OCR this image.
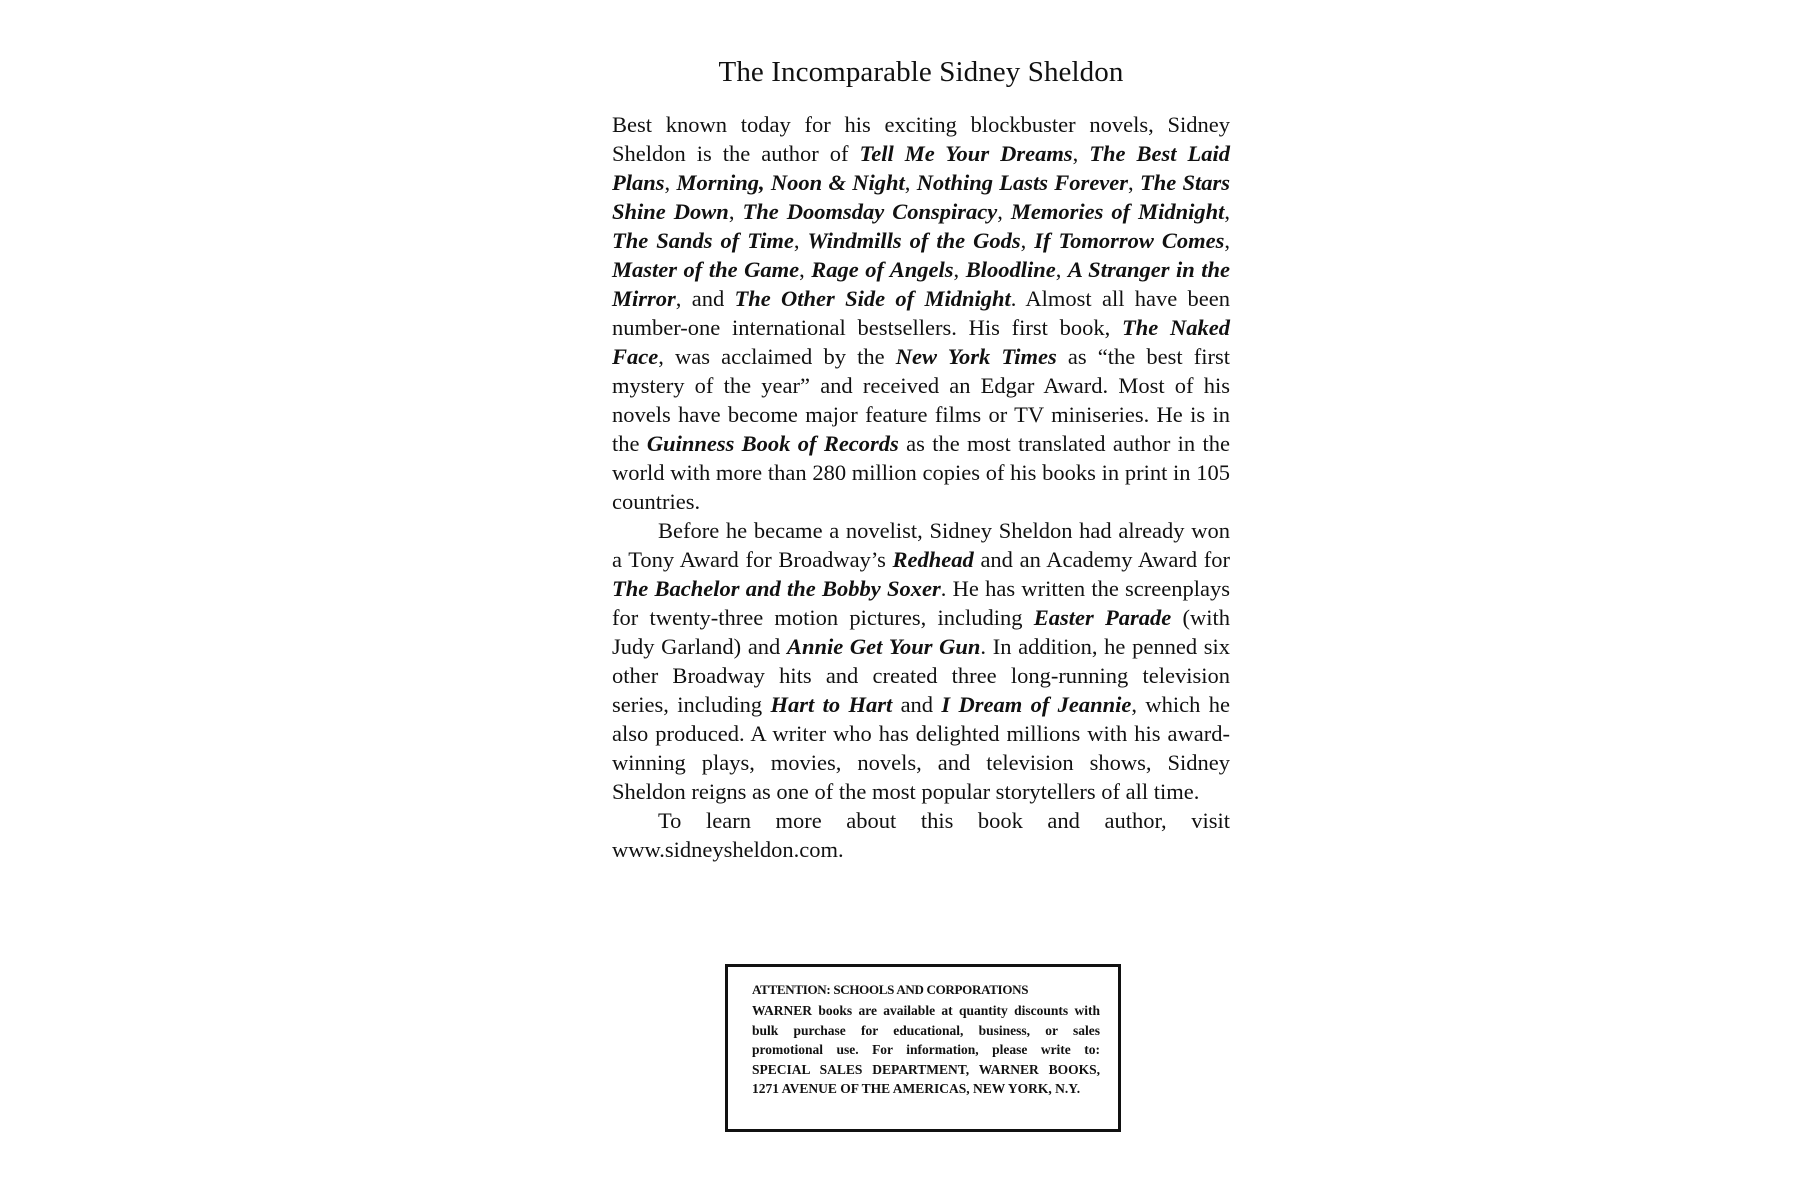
The Incomparable Sidney Sheldon

Best known today for his exciting blockbuster novels, Sidney Sheldon is the author of Tell Me Your Dreams, The Best Laid Plans, Morning, Noon & Night, Nothing Lasts Forever, The Stars Shine Down, The Doomsday Conspiracy, Memories of Midnight, The Sands of Time, Windmills of the Gods, If Tomorrow Comes, Master of the Game, Rage of Angels, Bloodline, A Stranger in the Mirror, and The Other Side of Midnight. Almost all have been number-one international bestsellers. His first book, The Naked Face, was acclaimed by the New York Times as “the best first mystery of the year” and received an Edgar Award. Most of his novels have become major feature films or TV miniseries. He is in the Guinness Book of Records as the most translated author in the world with more than 280 million copies of his books in print in 105 countries.

Before he became a novelist, Sidney Sheldon had already won a Tony Award for Broadway’s Redhead and an Academy Award for The Bachelor and the Bobby Soxer. He has written the screenplays for twenty-three motion pictures, including Easter Parade (with Judy Garland) and Annie Get Your Gun. In addition, he penned six other Broadway hits and created three long-running television series, including Hart to Hart and I Dream of Jeannie, which he also produced. A writer who has delighted millions with his award-winning plays, movies, novels, and television shows, Sidney Sheldon reigns as one of the most popular storytellers of all time.

To learn more about this book and author, visit www.sidneysheldon.com.

ATTENTION: SCHOOLS AND CORPORATIONS
WARNER books are available at quantity discounts with bulk purchase for educational, business, or sales promotional use. For information, please write to: SPECIAL SALES DEPARTMENT, WARNER BOOKS, 1271 AVENUE OF THE AMERICAS, NEW YORK, N.Y.
